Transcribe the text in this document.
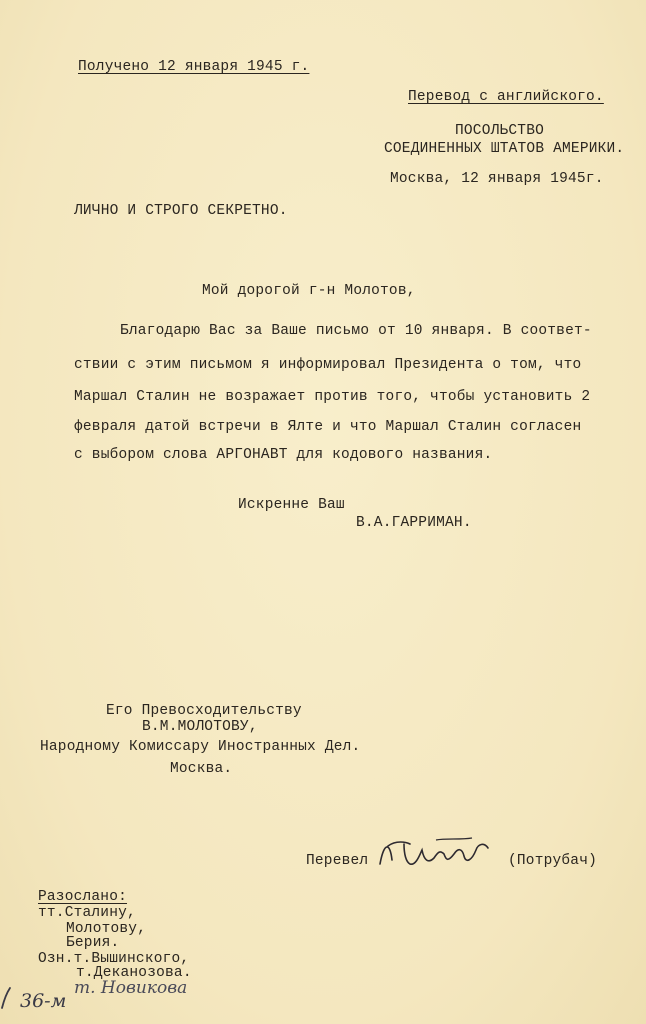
Получено 12 января 1945 г.
Перевод с английского.
ПОСОЛЬСТВО
СОЕДИНЕННЫХ ШТАТОВ АМЕРИКИ.
Москва, 12 января 1945г.
ЛИЧНО И СТРОГО СЕКРЕТНО.
Мой дорогой г-н Молотов,
Благодарю Вас за Ваше письмо от 10 января. В соответ-
ствии с этим письмом я информировал Президента о том, что
Маршал Сталин не возражает против того, чтобы установить 2
февраля датой встречи в Ялте и что Маршал Сталин согласен
с выбором слова АРГОНАВТ для кодового названия.
Искренне Ваш
В.А.ГАРРИМАН.
Его Превосходительству
В.М.МОЛОТОВУ,
Народному Комиссару Иностранных Дел.
Москва.
Перевел	(Потрубач)
Разослано:
тт.Сталину,
Молотову,
Берия.
Озн.т.Вышинского,
т.Деканозова.
36-м
т. Новикова
